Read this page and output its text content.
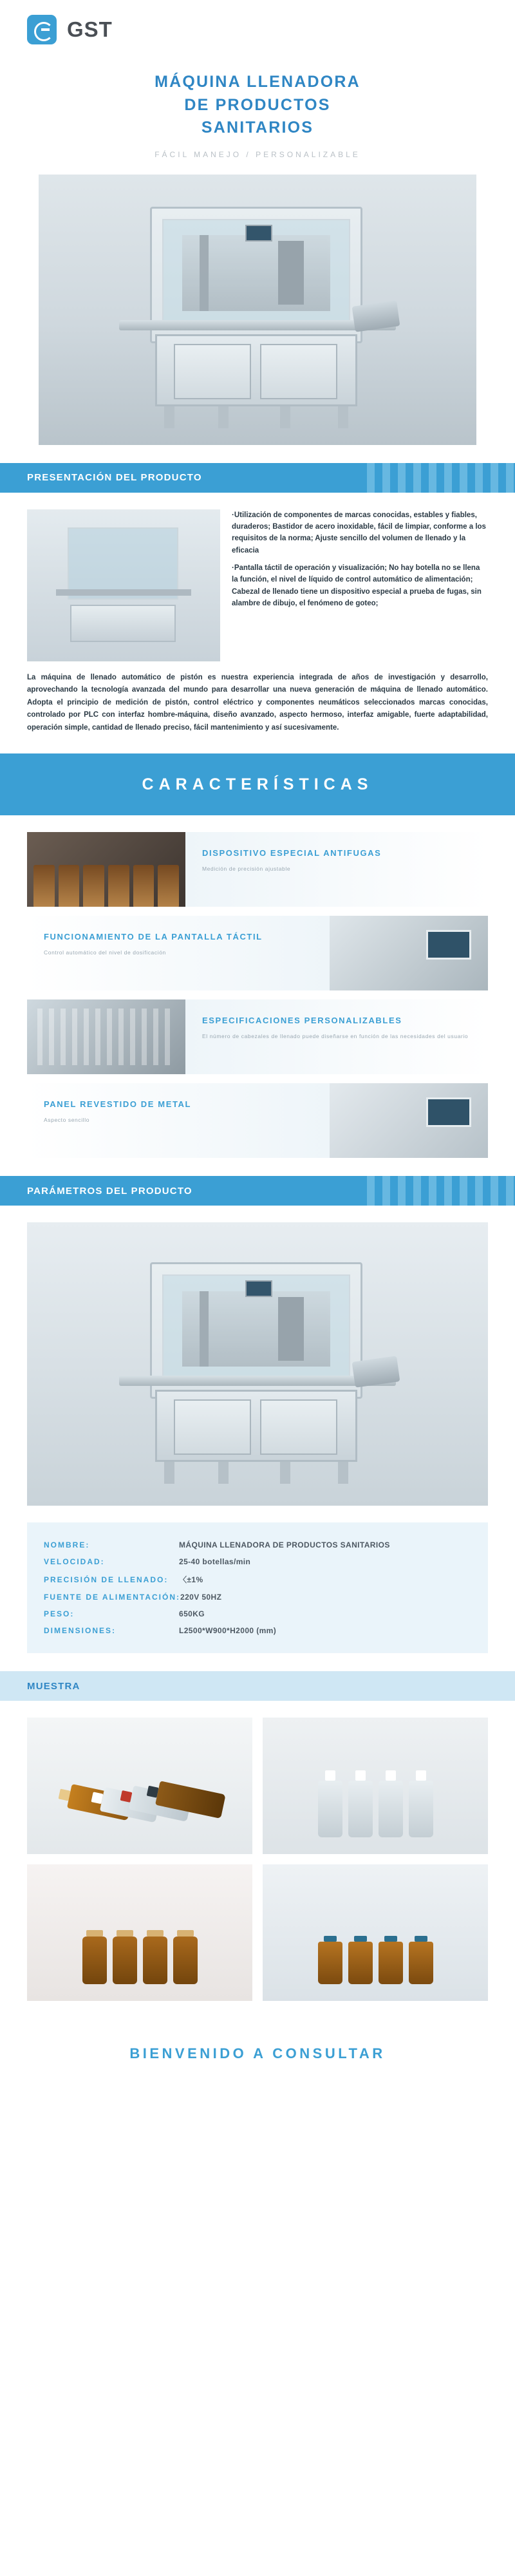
GST
MÁQUINA LLENADORA
DE PRODUCTOS
SANITARIOS
FÁCIL MANEJO / PERSONALIZABLE
PRESENTACIÓN DEL PRODUCTO

·Utilización de componentes de marcas conocidas, estables y fiables, duraderos; Bastidor de acero inoxidable, fácil de limpiar, conforme a los requisitos de la norma; Ajuste sencillo del volumen de llenado y la eficacia

·Pantalla táctil de operación y visualización; No hay botella no se llena la función, el nivel de líquido de control automático de alimentación; Cabezal de llenado tiene un dispositivo especial a prueba de fugas, sin alambre de dibujo, el fenómeno de goteo;

La máquina de llenado automático de pistón es nuestra experiencia integrada de años de investigación y desarrollo, aprovechando la tecnología avanzada del mundo para desarrollar una nueva generación de máquina de llenado automático. Adopta el principio de medición de pistón, control eléctrico y componentes neumáticos seleccionados marcas conocidas, controlado por PLC con interfaz hombre-máquina, diseño avanzado, aspecto hermoso, interfaz amigable, fuerte adaptabilidad, operación simple, cantidad de llenado preciso, fácil mantenimiento y así sucesivamente.
CARACTERÍSTICAS
DISPOSITIVO ESPECIAL ANTIFUGAS

Medición de precisión ajustable

FUNCIONAMIENTO DE LA PANTALLA TÁCTIL

Control automático del nivel de dosificación

ESPECIFICACIONES PERSONALIZABLES

El número de cabezales de llenado puede diseñarse en función de las necesidades del usuario

PANEL REVESTIDO DE METAL

Aspecto sencillo

PARÁMETROS DEL PRODUCTO
NOMBRE:	MÁQUINA LLENADORA DE PRODUCTOS SANITARIOS
VELOCIDAD:	25-40 botellas/min
PRECISIÓN DE LLENADO:	〈±1%
FUENTE DE ALIMENTACIÓN: 220V 50HZ
PESO:	650KG
DIMENSIONES:	L2500*W900*H2000 (mm)
MUESTRA
BIENVENIDO A CONSULTAR
